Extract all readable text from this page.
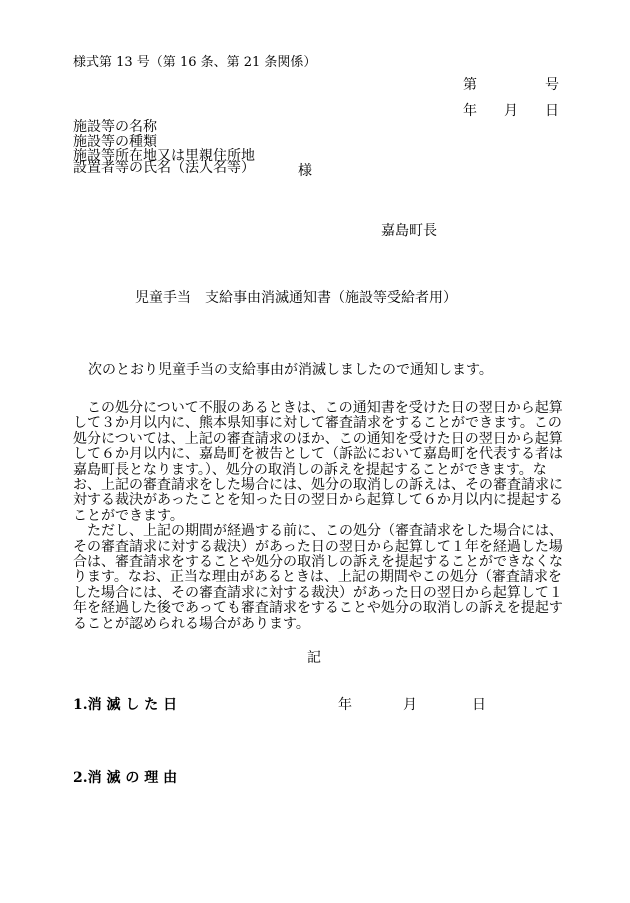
様式第 13 号（第 16 条、第 21 条関係）
第	号
年 月 日
施設等の名称
施設等の種類
施設等所在地又は里親住所地
設置者等の氏名（法人名等）	様
嘉島町長
児童手当　支給事由消滅通知書（施設等受給者用）
次のとおり児童手当の支給事由が消滅しましたので通知します。

この処分について不服のあるときは、この通知書を受けた日の翌日から起算して３か月以内に、熊本県知事に対して審査請求をすることができます。この処分については、上記の審査請求のほか、この通知を受けた日の翌日から起算して６か月以内に、嘉島町を被告として（訴訟において嘉島町を代表する者は嘉島町長となります。）、処分の取消しの訴えを提起することができます。なお、上記の審査請求をした場合には、処分の取消しの訴えは、その審査請求に対する裁決があったことを知った日の翌日から起算して６か月以内に提起することができます。

ただし、上記の期間が経過する前に、この処分（審査請求をした場合には、その審査請求に対する裁決）があった日の翌日から起算して１年を経過した場合は、審査請求をすることや処分の取消しの訴えを提起することができなくなります。なお、正当な理由があるときは、上記の期間やこの処分（審査請求をした場合には、その審査請求に対する裁決）があった日の翌日から起算して１年を経過した後であっても審査請求をすることや処分の取消しの訴えを提起することが認められる場合があります。

記
1.消 滅 し た 日	年	月	日
2.消 滅 の 理 由
